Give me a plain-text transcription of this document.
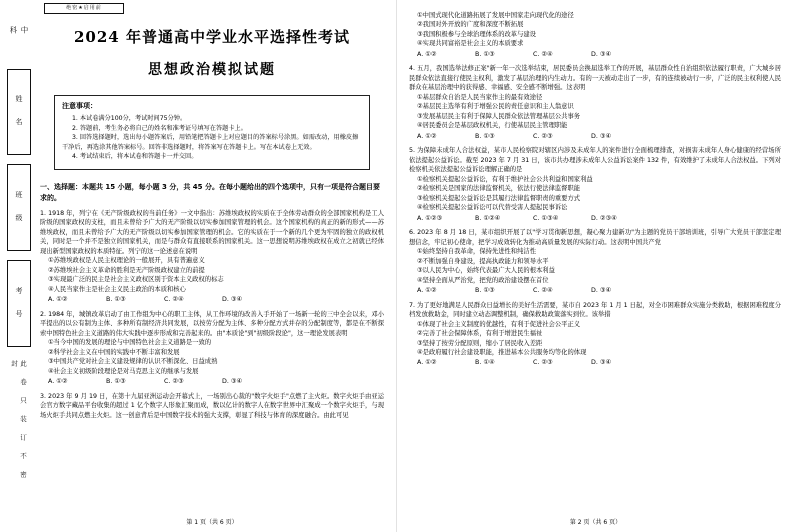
绝密★启用前
中 科
姓 名
班 级
考 号
此 卷 只 装 订 不 密 封
2024 年普通高中学业水平选择性考试
思想政治模拟试题
注意事项：
1. 本试卷满分100分，考试时间75分钟。
2. 答题前，考生务必将自己的姓名和准考证号填写在答题卡上。
3. 回答选择题时，选出每小题答案后，用铅笔把答题卡上对应题目的答案标号涂黑。如需改动，用橡皮擦干净后，再选涂其他答案标号。回答非选择题时，将答案写在答题卡上。写在本试卷上无效。
4. 考试结束后，将本试卷和答题卡一并交回。
一、选择题：本题共 15 小题，每小题 3 分，共 45 分。在每小题给出的四个选项中，只有一项是符合题目要求的。
1. 1918 年，列宁在《无产阶级政权的当前任务》一文中指出：苏维埃政权的实质在于全体劳动群众的全部国家机构是工人阶级的国家政权的支柱，而且未曾给予广大的无产阶级以切实参加国家管理的机会。这个国家机构的真正的新的形式——苏维埃政权，而且未曾给予广大的无产阶级以切实参加国家管理的机会。它的实质在于一个新的几个更为牢固的独立的政权机关，同时是一个并不是独立的国家机关，而是与群众有直接联系的国家机关。这一思想说明苏维埃政权在成立之初就已经体现出新型国家政权的本质特征。列宁的这一论述意在说明
①苏维埃政权是人民主权理论的一般展开，具有普遍意义
②苏维埃社会主义革命的胜利是无产阶级政权建立的前提
③实现最广泛的民主是社会主义政权区别于资本主义政权的标志
④人民当家作主是社会主义民主政治的本质和核心
A. ①②	B. ①③	C. ②④	D. ③④
2. 1984 年，城镇改革启动了由工作组为中心的职工主体，从工作环境的改善入手开始了一场新一轮的三中全会以来，邓小平提出的以公有制为主体、多种所有制经济共同发展，以按劳分配为主体、多种分配方式并存的分配制度等，都是在不断探索中国特色社会主义道路的伟大实践中逐步形成和完善起来的。由"本质论"到"初级阶段论"，这一理论发展表明
①当今中国的发展的理论与中国特色社会主义道路是一致的
②科学社会主义在中国的实践中不断丰富和发展
③中国共产党对社会主义建设规律的认识不断深化、日益成熟
④社会主义初级阶段理论是对马克思主义的继承与发展
A. ①②	B. ①③	C. ②③	D. ③④
3. 2023 年 9 月 19 日，在第十九届亚洲运动会开幕式上，一场别出心裁的"数字火炬手"点燃了主火炬。数字火炬手由亚运会官方数字藏品平台收集的超过 1 亿个数字人形象汇聚而成，数以亿计的数字人在数字世界中汇聚成一个数字火炬手，与现场火炬手共同点燃主火炬。这一创意背后是中国数字技术的强大支撑，彰显了科技与体育的深度融合。由此可见
第 1 页（共 6 页）
①中国式现代化道路拓展了发展中国家走向现代化的途径
②我国对外开放的广度和深度不断拓展
③我国积极参与全球治理体系的改革与建设
④实现共同富裕是社会主义的本质要求
A. ①②	B. ①③	C. ②④	D. ③④
4. 五月，我国选举法修正案"新一年一次选举结束，居民委员会换届选举工作的开展，基层群众性自治组织依法履行职责，广大城乡居民群众依法直接行使民主权利，激发了基层治理的内生动力。有的一天被动走出了一步，有的连续被动行一步，广泛的民主权利使人民群众在基层治理中的获得感、幸福感、安全感不断增强。这表明
①基层群众自治是人民当家作主的最有效途径
②基层民主选举有利于增强公民的责任意识和主人翁意识
③发展基层民主有利于保障人民群众依法管理基层公共事务
④居民委员会是基层政权机关，行使基层民主管理职能
A. ①②	B. ①③	C. ②③	D. ③④
5. 为保障未成年人合法权益，某市人民检察院对辖区内涉及未成年人的案件进行全面梳理排查，对损害未成年人身心健康的经营场所依法提起公益诉讼。截至 2023 年 7 月 31 日，该市共办理涉未成年人公益诉讼案件 132 件，有效维护了未成年人合法权益。下列对检察机关依法提起公益诉讼理解正确的是
①检察机关提起公益诉讼，有利于维护社会公共利益和国家利益
②检察机关是国家的法律监督机关，依法行使法律监督职能
③检察机关提起公益诉讼是其履行法律监督职责的重要方式
④检察机关提起公益诉讼可以代替受害人提起民事诉讼
A. ①②③	B. ①②④	C. ①③④	D. ②③④
6. 2023 年 8 月 18 日，某市组织开展了以"学习贯彻新思想，凝心聚力建新功"为主题的党员干部培训班，引导广大党员干部坚定理想信念，牢记初心使命，把学习成效转化为推动高质量发展的实际行动。这表明中国共产党
①始终坚持自我革命，保持先进性和纯洁性
②不断加强自身建设，提高执政能力和领导水平
③以人民为中心，始终代表最广大人民的根本利益
④坚持全面从严治党，把党的政治建设摆在首位
A. ①②	B. ①③	C. ②④	D. ③④
7. 为了更好地满足人民群众日益增长的美好生活需要，某市自 2023 年 1 月 1 日起，对全市困难群众实施分类救助，根据困难程度分档发放救助金，同时建立动态调整机制，确保救助政策落实到位。该举措
①体现了社会主义制度的优越性，有利于促进社会公平正义
②完善了社会保障体系，有利于增进民生福祉
③坚持了按劳分配原则，缩小了居民收入差距
④是政府履行社会建设职能，推进基本公共服务均等化的体现
A. ①②	B. ①④	C. ②③	D. ③④
第 2 页（共 6 页）
